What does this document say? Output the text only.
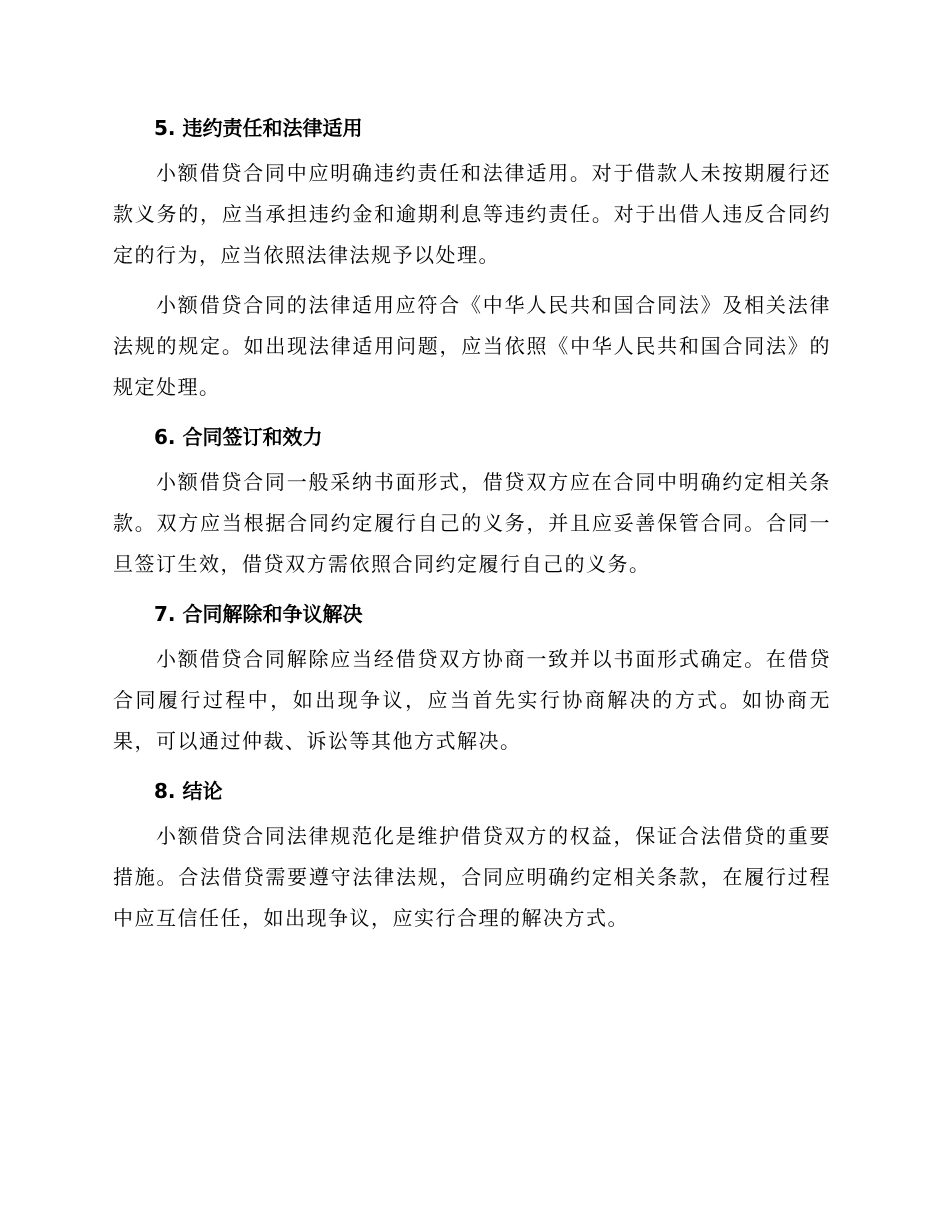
5. 违约责任和法律适用

小额借贷合同中应明确违约责任和法律适用。对于借款人未按期履行还款义务的，应当承担违约金和逾期利息等违约责任。对于出借人违反合同约定的行为，应当依照法律法规予以处理。

小额借贷合同的法律适用应符合《中华人民共和国合同法》及相关法律法规的规定。如出现法律适用问题，应当依照《中华人民共和国合同法》的规定处理。

6. 合同签订和效力

小额借贷合同一般采纳书面形式，借贷双方应在合同中明确约定相关条款。双方应当根据合同约定履行自己的义务，并且应妥善保管合同。合同一旦签订生效，借贷双方需依照合同约定履行自己的义务。

7. 合同解除和争议解决

小额借贷合同解除应当经借贷双方协商一致并以书面形式确定。在借贷合同履行过程中，如出现争议，应当首先实行协商解决的方式。如协商无果，可以通过仲裁、诉讼等其他方式解决。

8. 结论

小额借贷合同法律规范化是维护借贷双方的权益，保证合法借贷的重要措施。合法借贷需要遵守法律法规，合同应明确约定相关条款，在履行过程中应互信任任，如出现争议，应实行合理的解决方式。
